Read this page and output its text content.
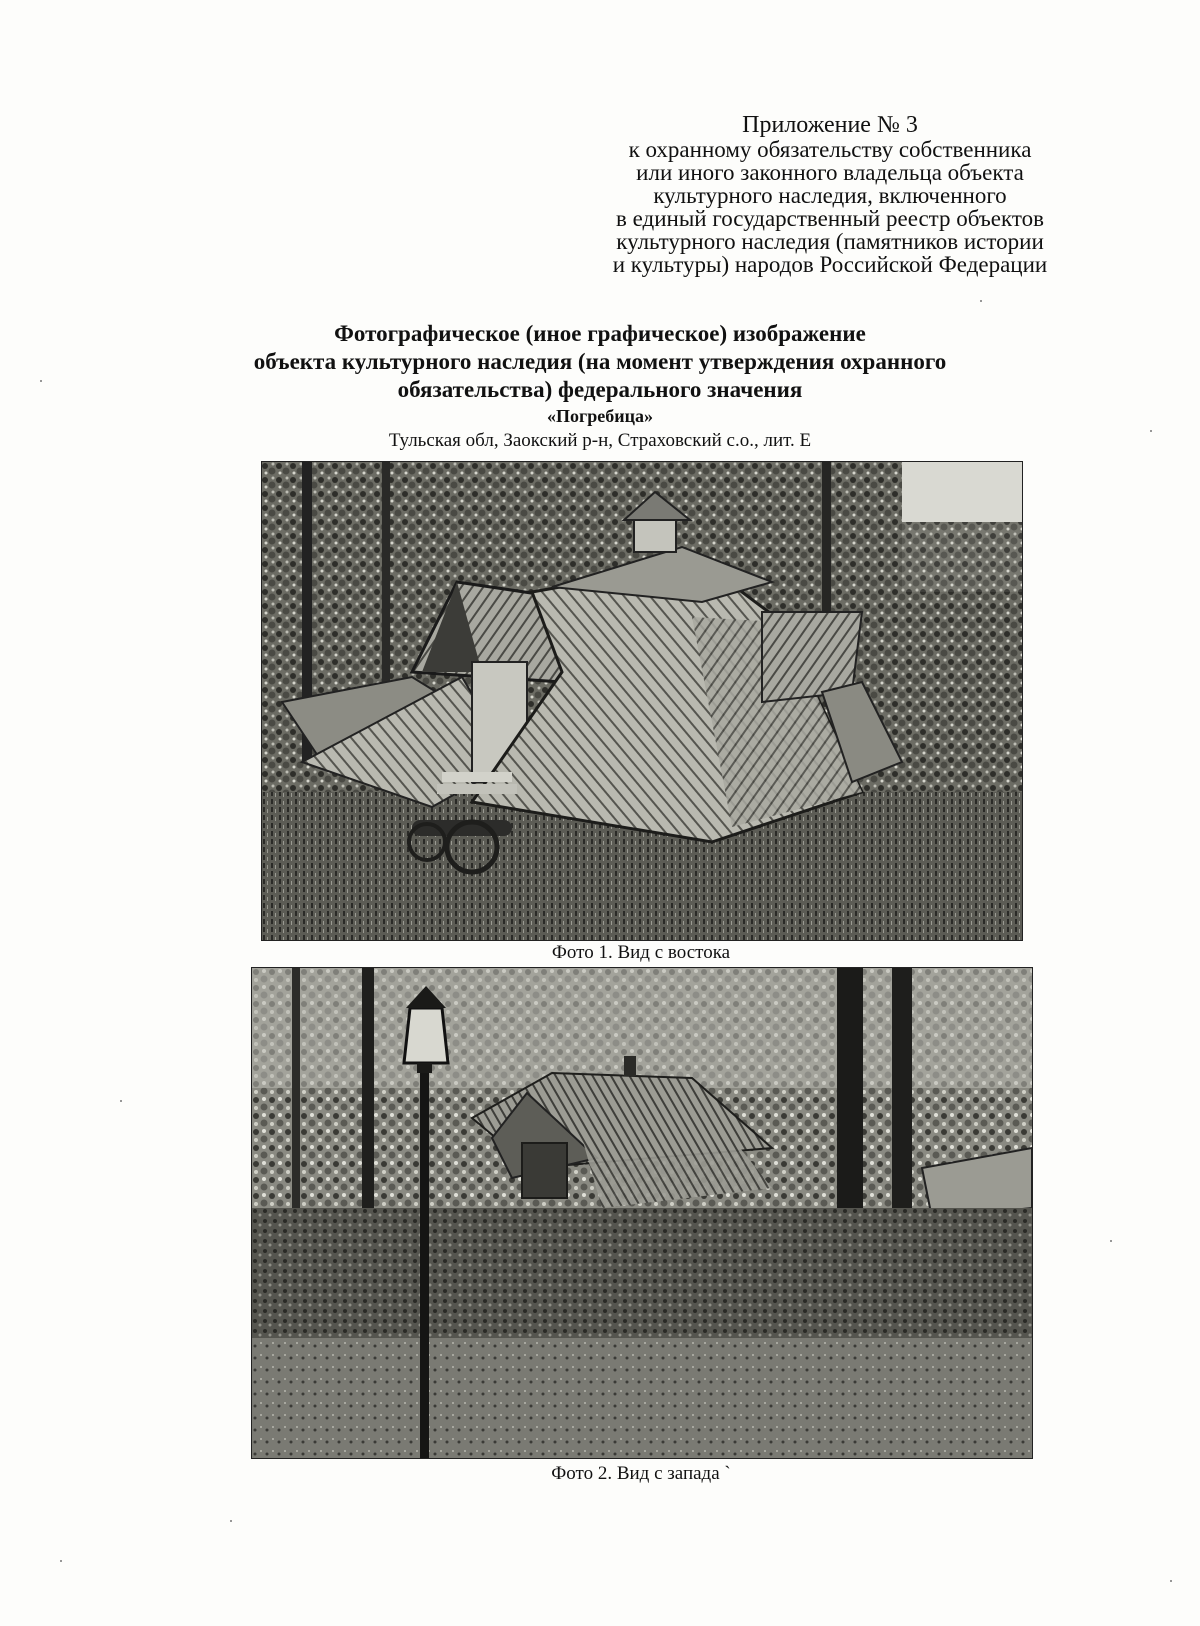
Приложение № 3
к охранному обязательству собственника
или иного законного владельца объекта
культурного наследия, включенного
в единый государственный реестр объектов
культурного наследия (памятников истории
и культуры) народов Российской Федерации
Фотографическое (иное графическое) изображение
объекта культурного наследия (на момент утверждения охранного
обязательства) федерального значения
«Погребица»
Тульская обл, Заокский р-н, Страховский с.о., лит. Е
Фото 1. Вид с востока
Фото 2. Вид с запада `
